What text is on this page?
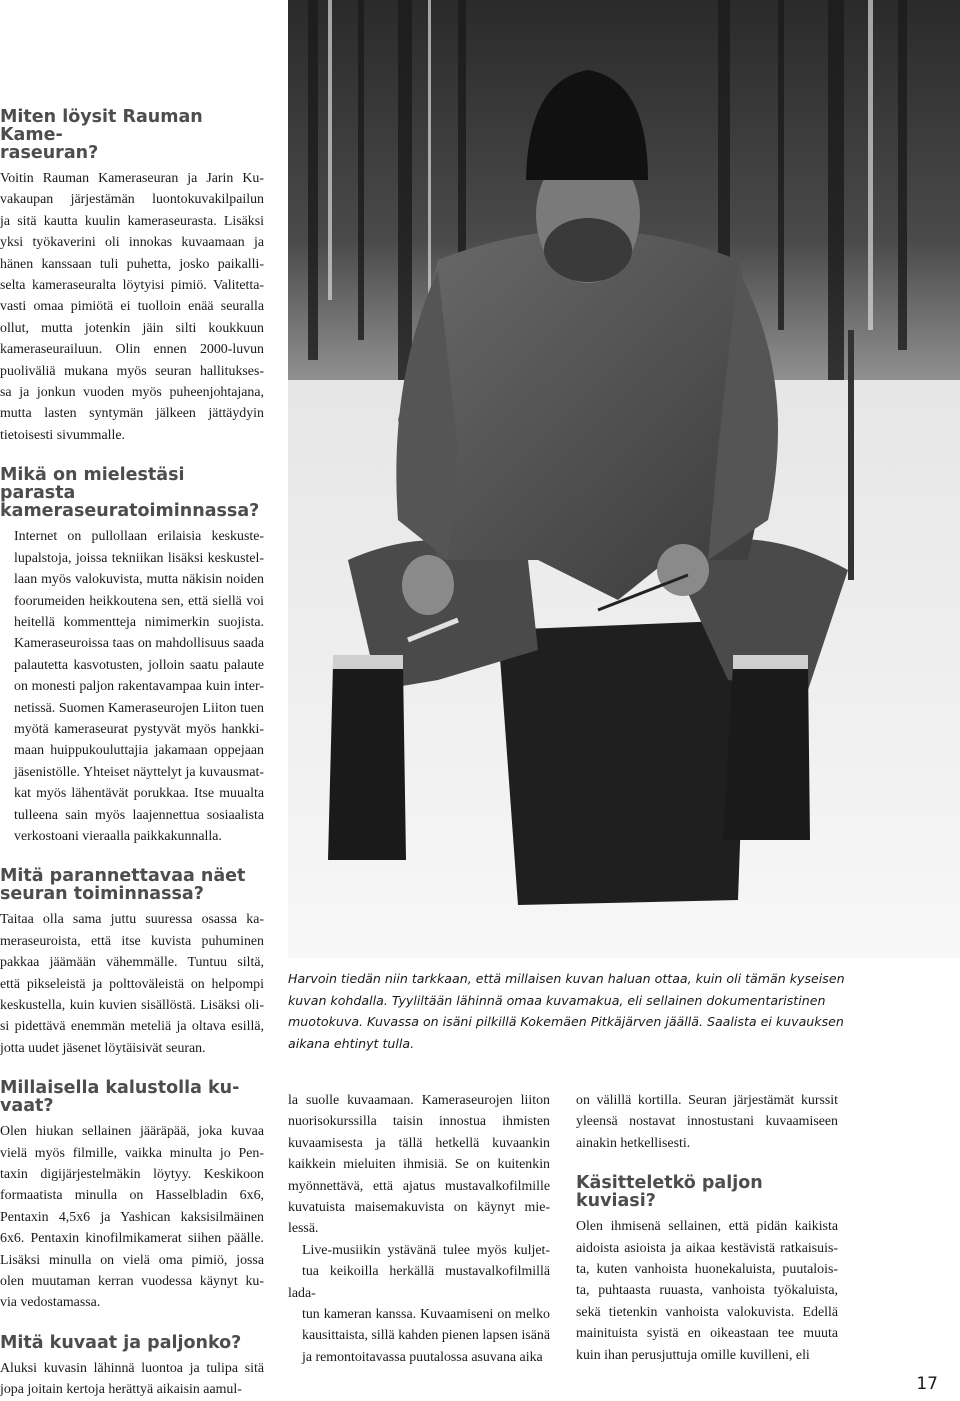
Miten löysit Rauman Kame-
raseuran?
Voitin Rauman Kameraseuran ja Jarin Ku-
vakaupan järjestämän luontokuvakilpailun
ja sitä kautta kuulin kameraseurasta. Lisäksi
yksi työkaverini oli innokas kuvaamaan ja
hänen kanssaan tuli puhetta, josko paikalli-
selta kameraseuralta löytyisi pimiö. Valitetta-
vasti omaa pimiötä ei tuolloin enää seuralla
ollut, mutta jotenkin jäin silti koukkuun
kameraseurailuun. Olin ennen 2000-luvun
puoliväliä mukana myös seuran hallitukses-
sa ja jonkun vuoden myös puheenjohtajana,
mutta lasten syntymän jälkeen jättäydyin
tietoisesti sivummalle.
Mikä on mielestäsi parasta
kameraseuratoiminnassa?
Internet on pullollaan erilaisia keskuste-
lupalstoja, joissa tekniikan lisäksi keskustel-
laan myös valokuvista, mutta näkisin noiden
foorumeiden heikkoutena sen, että siellä voi
heitellä kommentteja nimimerkin suojista.
Kameraseuroissa taas on mahdollisuus saada
palautetta kasvotusten, jolloin saatu palaute
on monesti paljon rakentavampaa kuin inter-
netissä. Suomen Kameraseurojen Liiton tuen
myötä kameraseurat pystyvät myös hankki-
maan huippukouluttajia jakamaan oppejaan
jäsenistölle. Yhteiset näyttelyt ja kuvausmat-
kat myös lähentävät porukkaa. Itse muualta
tulleena sain myös laajennettua sosiaalista
verkostoani vieraalla paikkakunnalla.
Mitä parannettavaa näet
seuran toiminnassa?
Taitaa olla sama juttu suuressa osassa ka-
meraseuroista, että itse kuvista puhuminen
pakkaa jäämään vähemmälle. Tuntuu siltä,
että pikseleistä ja polttoväleistä on helpompi
keskustella, kuin kuvien sisällöstä. Lisäksi oli-
si pidettävä enemmän meteliä ja oltava esillä,
jotta uudet jäsenet löytäisivät seuran.
Millaisella kalustolla ku-
vaat?
Olen hiukan sellainen jääräpää, joka kuvaa
vielä myös filmille, vaikka minulta jo Pen-
taxin digijärjestelmäkin löytyy. Keskikoon
formaatista minulla on Hasselbladin 6x6,
Pentaxin 4,5x6 ja Yashican kaksisilmäinen
6x6. Pentaxin kinofilmikamerat siihen päälle.
Lisäksi minulla on vielä oma pimiö, jossa
olen muutaman kerran vuodessa käynyt ku-
via vedostamassa.
Mitä kuvaat ja paljonko?
Aluksi kuvasin lähinnä luontoa ja tulipa sitä
jopa joitain kertoja herättyä aikaisin aamul-

Harvoin tiedän niin tarkkaan, että millaisen kuvan haluan ottaa, kuin oli tämän kyseisen
kuvan kohdalla. Tyyliltään lähinnä omaa kuvamakua, eli sellainen dokumentaristinen
muotokuva. Kuvassa on isäni pilkillä Kokemäen Pitkäjärven jäällä. Saalista ei kuvauksen
aikana ehtinyt tulla.

la suolle kuvaamaan. Kameraseurojen liiton
nuorisokurssilla taisin innostua ihmisten
kuvaamisesta ja tällä hetkellä kuvaankin
kaikkein mieluiten ihmisiä. Se on kuitenkin
myönnettävä, että ajatus mustavalkofilmille
kuvatuista maisemakuvista on käynyt mie-
lessä.
Live-musiikin ystävänä tulee myös kuljet-
tua keikoilla herkällä mustavalkofilmillä lada-
tun kameran kanssa. Kuvaamiseni on melko
kausittaista, sillä kahden pienen lapsen isänä
ja remontoitavassa puutalossa asuvana aika
on välillä kortilla. Seuran järjestämät kurssit
yleensä nostavat innostustani kuvaamiseen
ainakin hetkellisesti.
Käsitteletkö paljon kuviasi?
Olen ihmisenä sellainen, että pidän kaikista
aidoista asioista ja aikaa kestävistä ratkaisuis-
ta, kuten vanhoista huonekaluista, puutalois-
ta, puhtaasta ruuasta, vanhoista työkaluista,
sekä tietenkin vanhoista valokuvista. Edellä
mainituista syistä en oikeastaan tee muuta
kuin ihan perusjuttuja omille kuvilleni, eli
17
